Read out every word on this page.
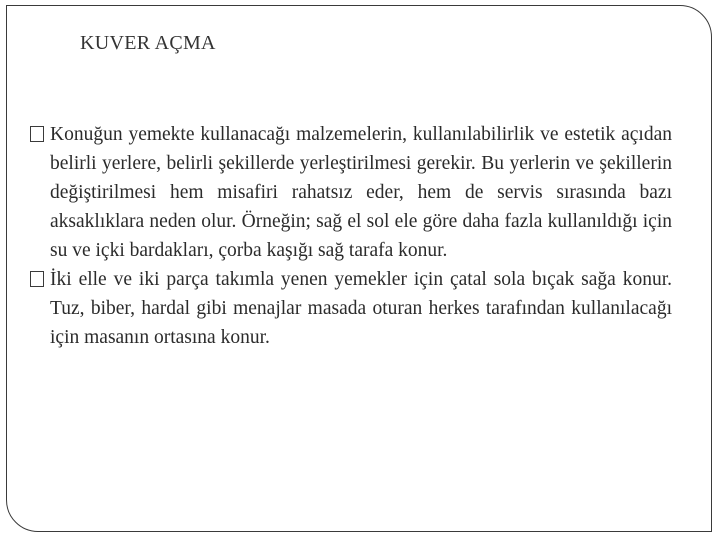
KUVER AÇMA
Konuğun yemekte kullanacağı malzemelerin, kullanılabilirlik ve estetik açıdan belirli yerlere, belirli şekillerde yerleştirilmesi gerekir. Bu yerlerin ve şekillerin değiştirilmesi hem misafiri rahatsız eder, hem de servis sırasında bazı aksaklıklara neden olur. Örneğin; sağ el sol ele göre daha fazla kullanıldığı için su ve içki bardakları, çorba kaşığı sağ tarafa konur.
İki elle ve iki parça takımla yenen yemekler için çatal sola bıçak sağa konur. Tuz, biber, hardal gibi menajlar masada oturan herkes tarafından kullanılacağı için masanın ortasına konur.
